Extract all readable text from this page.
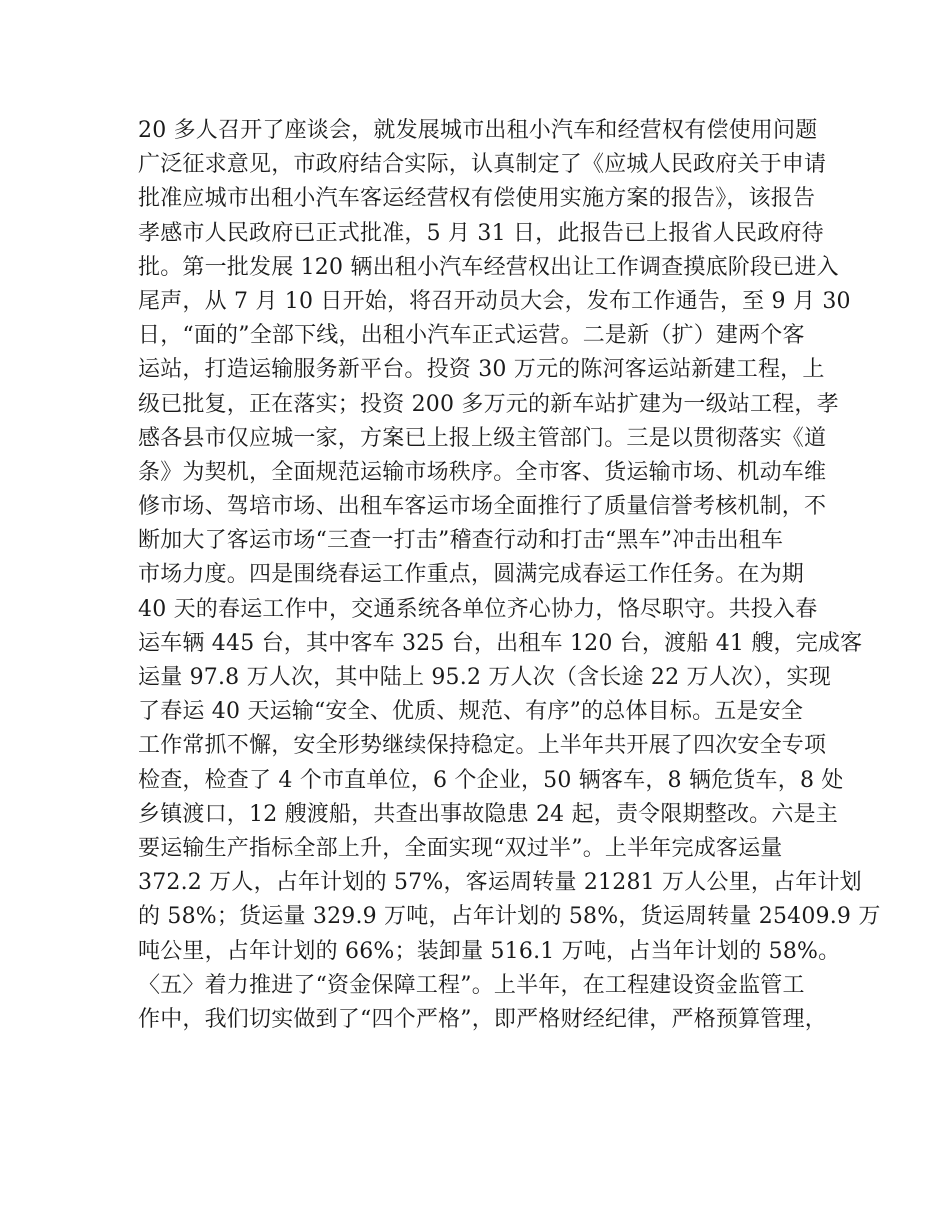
20 多人召开了座谈会，就发展城市出租小汽车和经营权有偿使用问题
广泛征求意见，市政府结合实际，认真制定了《应城人民政府关于申请
批准应城市出租小汽车客运经营权有偿使用实施方案的报告》，该报告
孝感市人民政府已正式批准，5 月 31 日，此报告已上报省人民政府待
批。第一批发展 120 辆出租小汽车经营权出让工作调查摸底阶段已进入
尾声，从 7 月 10 日开始，将召开动员大会，发布工作通告，至 9 月 30
日，“面的”全部下线，出租小汽车正式运营。二是新（扩）建两个客
运站，打造运输服务新平台。投资 30 万元的陈河客运站新建工程，上
级已批复，正在落实；投资 200 多万元的新车站扩建为一级站工程，孝
感各县市仅应城一家，方案已上报上级主管部门。三是以贯彻落实《道
条》为契机，全面规范运输市场秩序。全市客、货运输市场、机动车维
修市场、驾培市场、出租车客运市场全面推行了质量信誉考核机制，不
断加大了客运市场“三查一打击”稽查行动和打击“黑车”冲击出租车
市场力度。四是围绕春运工作重点，圆满完成春运工作任务。在为期
40 天的春运工作中，交通系统各单位齐心协力，恪尽职守。共投入春
运车辆 445 台，其中客车 325 台，出租车 120 台，渡船 41 艘，完成客
运量 97.8 万人次，其中陆上 95.2 万人次（含长途 22 万人次），实现
了春运 40 天运输“安全、优质、规范、有序”的总体目标。五是安全
工作常抓不懈，安全形势继续保持稳定。上半年共开展了四次安全专项
检查，检查了 4 个市直单位，6 个企业，50 辆客车，8 辆危货车，8 处
乡镇渡口，12 艘渡船，共查出事故隐患 24 起，责令限期整改。六是主
要运输生产指标全部上升，全面实现“双过半”。上半年完成客运量
372.2 万人，占年计划的 57%，客运周转量 21281 万人公里，占年计划
的 58%；货运量 329.9 万吨，占年计划的 58%，货运周转量 25409.9 万
吨公里，占年计划的 66%；装卸量 516.1 万吨，占当年计划的 58%。
〈五〉着力推进了“资金保障工程”。上半年，在工程建设资金监管工
作中，我们切实做到了“四个严格”，即严格财经纪律，严格预算管理，
